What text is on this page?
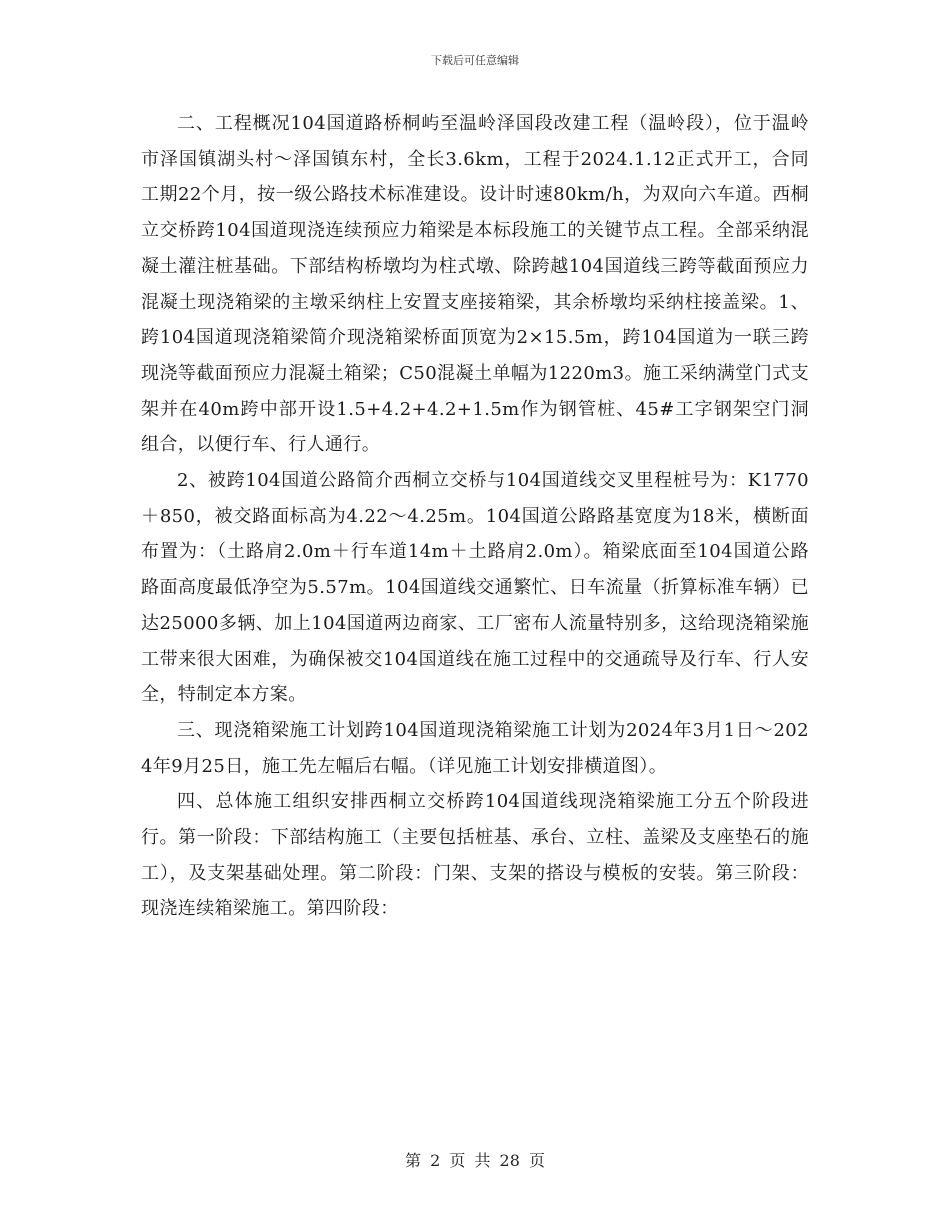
下载后可任意编辑

二、工程概况104国道路桥桐屿至温岭泽国段改建工程（温岭段），位于温岭市泽国镇湖头村～泽国镇东村，全长3.6km，工程于2024.1.12正式开工，合同工期22个月，按一级公路技术标准建设。设计时速80km/h，为双向六车道。西桐立交桥跨104国道现浇连续预应力箱梁是本标段施工的关键节点工程。全部采纳混凝土灌注桩基础。下部结构桥墩均为柱式墩、除跨越104国道线三跨等截面预应力混凝土现浇箱梁的主墩采纳柱上安置支座接箱梁，其余桥墩均采纳柱接盖梁。1、跨104国道现浇箱梁简介现浇箱梁桥面顶宽为2×15.5m，跨104国道为一联三跨现浇等截面预应力混凝土箱梁；C50混凝土单幅为1220m3。施工采纳满堂门式支架并在40m跨中部开设1.5+4.2+4.2+1.5m作为钢管桩、45#工字钢架空门洞组合，以便行车、行人通行。

2、被跨104国道公路简介西桐立交桥与104国道线交叉里程桩号为：K1770＋850，被交路面标高为4.22～4.25m。104国道公路路基宽度为18米，横断面布置为：（土路肩2.0m＋行车道14m＋土路肩2.0m）。箱梁底面至104国道公路路面高度最低净空为5.57m。104国道线交通繁忙、日车流量（折算标准车辆）已达25000多辆、加上104国道两边商家、工厂密布人流量特别多，这给现浇箱梁施工带来很大困难，为确保被交104国道线在施工过程中的交通疏导及行车、行人安全，特制定本方案。

三、现浇箱梁施工计划跨104国道现浇箱梁施工计划为2024年3月1日～2024年9月25日，施工先左幅后右幅。（详见施工计划安排横道图）。

四、总体施工组织安排西桐立交桥跨104国道线现浇箱梁施工分五个阶段进行。第一阶段：下部结构施工（主要包括桩基、承台、立柱、盖梁及支座垫石的施工），及支架基础处理。第二阶段：门架、支架的搭设与模板的安装。第三阶段：现浇连续箱梁施工。第四阶段：

第 2 页 共 28 页
